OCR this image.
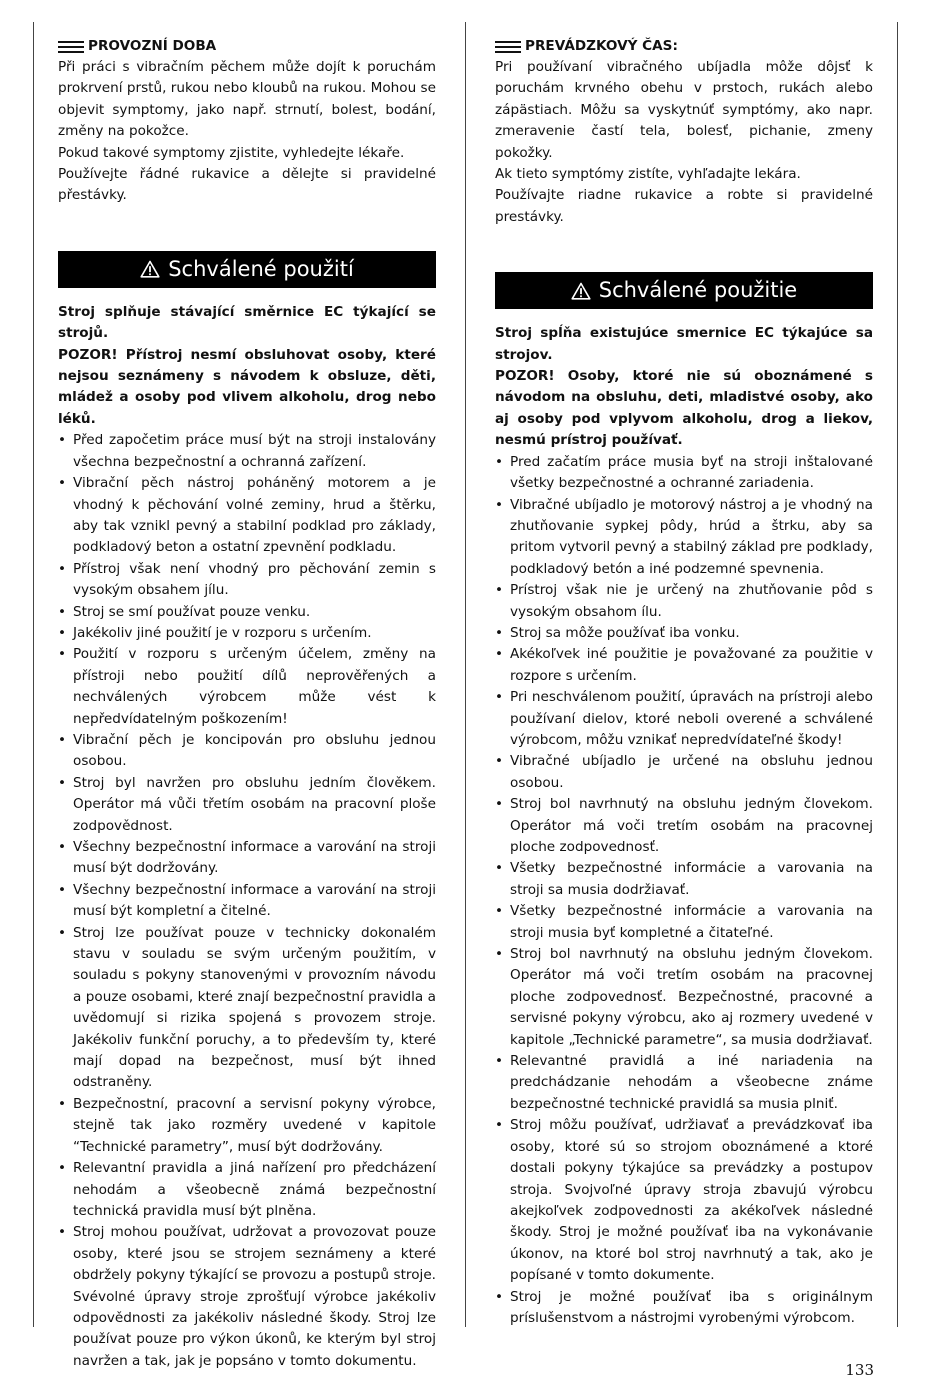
PROVOZNÍ DOBA

Při práci s vibračním pěchem může dojít k poruchám prokrvení prstů, rukou nebo kloubů na rukou. Mohou se objevit symptomy, jako např. strnutí, bolest, bodání, změny na pokožce.

Pokud takové symptomy zjistite, vyhledejte lékaře.

Používejte řádné rukavice a dělejte si pravidelné přestávky.

Schválené použití

Stroj splňuje stávající směrnice EC týkající se strojů.

POZOR! Přístroj nesmí obsluhovat osoby, které nejsou seznámeny s návodem k obsluze, děti, mládež a osoby pod vlivem alkoholu, drog nebo léků.

• Před započetim práce musí být na stroji instalovány všechna bezpečnostní a ochranná zařízení.
• Vibrační pěch nástroj poháněný motorem a je vhodný k pěchování volné zeminy, hrud a štěrku, aby tak vznikl pevný a stabilní podklad pro základy, podkladový beton a ostatní zpevnění podkladu.
• Přístroj však není vhodný pro pěchování zemin s vysokým obsahem jílu.
• Stroj se smí používat pouze venku.
• Jakékoliv jiné použití je v rozporu s určením.
• Použití v rozporu s určeným účelem, změny na přístroji nebo použití dílů neprověřených a nechválených výrobcem může vést k nepředvídatelným poškozením!
• Vibrační pěch je koncipován pro obsluhu jednou osobou.
• Stroj byl navržen pro obsluhu jedním člověkem. Operátor má vůči třetím osobám na pracovní ploše zodpovědnost.
• Všechny bezpečnostní informace a varování na stroji musí být dodržovány.
• Všechny bezpečnostní informace a varování na stroji musí být kompletní a čitelné.
• Stroj lze používat pouze v technicky dokonalém stavu v souladu se svým určeným použitím, v souladu s pokyny stanovenými v provozním návodu a pouze osobami, které znají bezpečnostní pravidla a uvědomují si rizika spojená s provozem stroje. Jakékoliv funkční poruchy, a to především ty, které mají dopad na bezpečnost, musí být ihned odstraněny.
• Bezpečnostní, pracovní a servisní pokyny výrobce, stejně tak jako rozměry uvedené v kapitole “Technické parametry”, musí být dodržovány.
• Relevantní pravidla a jiná nařízení pro předcházení nehodám a všeobecně známá bezpečnostní technická pravidla musí být plněna.
• Stroj mohou používat, udržovat a provozovat pouze osoby, které jsou se strojem seznámeny a které obdržely pokyny týkající se provozu a postupů stroje. Svévolné úpravy stroje zprošťují výrobce jakékoliv odpovědnosti za jakékoliv následné škody. Stroj lze používat pouze pro výkon úkonů, ke kterým byl stroj navržen a tak, jak je popsáno v tomto dokumentu.
PREVÁDZKOVÝ ČAS:

Pri používaní vibračného ubíjadla môže dôjsť k poruchám krvného obehu v prstoch, rukách alebo zápästiach. Môžu sa vyskytnúť symptómy, ako napr. zmeravenie častí tela, bolesť, pichanie, zmeny pokožky.

Ak tieto symptómy zistíte, vyhľadajte lekára.

Používajte riadne rukavice a robte si pravidelné prestávky.

Schválené použitie

Stroj spĺňa existujúce smernice EC týkajúce sa strojov.

POZOR! Osoby, ktoré nie sú oboznámené s návodom na obsluhu, deti, mladistvé osoby, ako aj osoby pod vplyvom alkoholu, drog a liekov, nesmú prístroj používať.

• Pred začatím práce musia byť na stroji inštalované všetky bezpečnostné a ochranné zariadenia.
• Vibračné ubíjadlo je motorový nástroj a je vhodný na zhutňovanie sypkej pôdy, hrúd a štrku, aby sa pritom vytvoril pevný a stabilný základ pre podklady, podkladový betón a iné podzemné spevnenia.
• Prístroj však nie je určený na zhutňovanie pôd s vysokým obsahom ílu.
• Stroj sa môže používať iba vonku.
• Akékoľvek iné použitie je považované za použitie v rozpore s určením.
• Pri neschválenom použití, úpravách na prístroji alebo používaní dielov, ktoré neboli overené a schválené výrobcom, môžu vznikať nepredvídateľné škody!
• Vibračné ubíjadlo je určené na obsluhu jednou osobou.
• Stroj bol navrhnutý na obsluhu jedným človekom. Operátor má voči tretím osobám na pracovnej ploche zodpovednosť.
• Všetky bezpečnostné informácie a varovania na stroji sa musia dodržiavať.
• Všetky bezpečnostné informácie a varovania na stroji musia byť kompletné a čitateľné.
• Stroj bol navrhnutý na obsluhu jedným človekom. Operátor má voči tretím osobám na pracovnej ploche zodpovednosť. Bezpečnostné, pracovné a servisné pokyny výrobcu, ako aj rozmery uvedené v kapitole „Technické parametre“, sa musia dodržiavať.
• Relevantné pravidlá a iné nariadenia na predchádzanie nehodám a všeobecne známe bezpečnostné technické pravidlá sa musia plniť.
• Stroj môžu používať, udržiavať a prevádzkovať iba osoby, ktoré sú so strojom oboznámené a ktoré dostali pokyny týkajúce sa prevádzky a postupov stroja. Svojvoľné úpravy stroja zbavujú výrobcu akejkoľvek zodpovednosti za akékoľvek následné škody. Stroj je možné používať iba na vykonávanie úkonov, na ktoré bol stroj navrhnutý a tak, ako je popísané v tomto dokumente.
• Stroj je možné používať iba s originálnym príslušenstvom a nástrojmi vyrobenými výrobcom.
133
